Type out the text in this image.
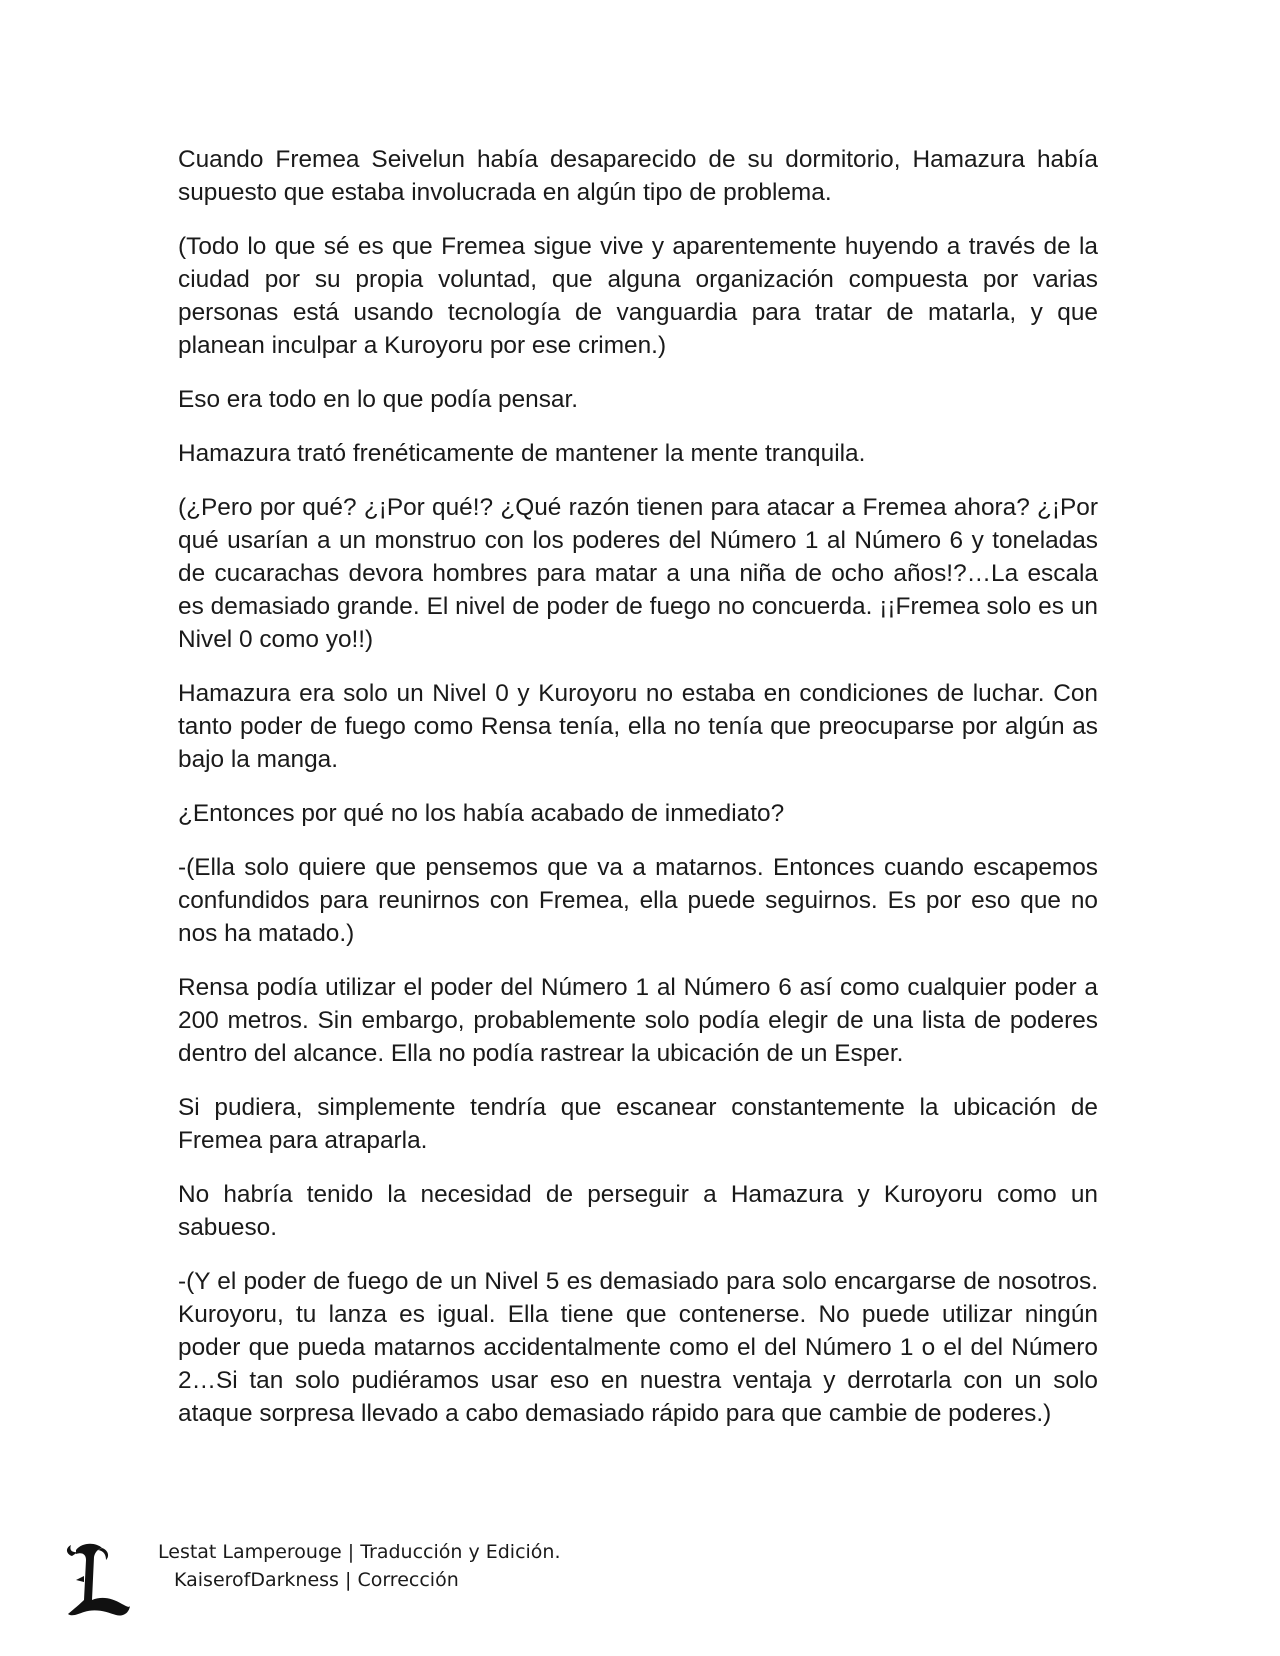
Cuando Fremea Seivelun había desaparecido de su dormitorio, Hamazura había supuesto que estaba involucrada en algún tipo de problema.

(Todo lo que sé es que Fremea sigue vive y aparentemente huyendo a través de la ciudad por su propia voluntad, que alguna organización compuesta por varias personas está usando tecnología de vanguardia para tratar de matarla, y que planean inculpar a Kuroyoru por ese crimen.)

Eso era todo en lo que podía pensar.

Hamazura trató frenéticamente de mantener la mente tranquila.

(¿Pero por qué? ¿¡Por qué!? ¿Qué razón tienen para atacar a Fremea ahora? ¿¡Por qué usarían a un monstruo con los poderes del Número 1 al Número 6 y toneladas de cucarachas devora hombres para matar a una niña de ocho años!?…La escala es demasiado grande. El nivel de poder de fuego no concuerda. ¡¡Fremea solo es un Nivel 0 como yo!!)

Hamazura era solo un Nivel 0 y Kuroyoru no estaba en condiciones de luchar. Con tanto poder de fuego como Rensa tenía, ella no tenía que preocuparse por algún as bajo la manga.

¿Entonces por qué no los había acabado de inmediato?

-(Ella solo quiere que pensemos que va a matarnos. Entonces cuando escapemos confundidos para reunirnos con Fremea, ella puede seguirnos. Es por eso que no nos ha matado.)

Rensa podía utilizar el poder del Número 1 al Número 6 así como cualquier poder a 200 metros. Sin embargo, probablemente solo podía elegir de una lista de poderes dentro del alcance. Ella no podía rastrear la ubicación de un Esper.

Si pudiera, simplemente tendría que escanear constantemente la ubicación de Fremea para atraparla.

No habría tenido la necesidad de perseguir a Hamazura y Kuroyoru como un sabueso.

-(Y el poder de fuego de un Nivel 5 es demasiado para solo encargarse de nosotros. Kuroyoru, tu lanza es igual. Ella tiene que contenerse. No puede utilizar ningún poder que pueda matarnos accidentalmente como el del Número 1 o el del Número 2…Si tan solo pudiéramos usar eso en nuestra ventaja y derrotarla con un solo ataque sorpresa llevado a cabo demasiado rápido para que cambie de poderes.)

Lestat Lamperouge | Traducción y Edición.
KaiserofDarkness | Corrección
